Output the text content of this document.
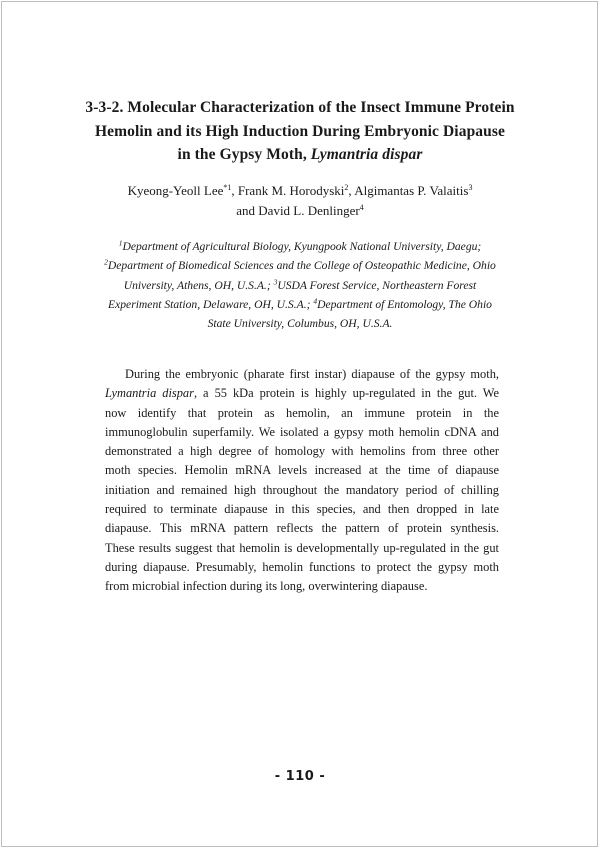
3-3-2. Molecular Characterization of the Insect Immune Protein
Hemolin and its High Induction During Embryonic Diapause
in the Gypsy Moth, Lymantria dispar
Kyeong-Yeoll Lee$^{*1}$, Frank M. Horodyski$^2$, Algimantas P. Valaitis$^3$
and David L. Denlinger$^4$
$^1$Department of Agricultural Biology, Kyungpook National University, Daegu;
$^2$Department of Biomedical Sciences and the College of Osteopathic Medicine, Ohio
University, Athens, OH, U.S.A.; $^3$USDA Forest Service, Northeastern Forest
Experiment Station, Delaware, OH, U.S.A.; $^4$Department of Entomology, The Ohio
State University, Columbus, OH, U.S.A.
During the embryonic (pharate first instar) diapause of the gypsy moth,
Lymantria dispar, a 55 kDa protein is highly up-regulated in the gut. We
now identify that protein as hemolin, an immune protein in the
immunoglobulin superfamily. We isolated a gypsy moth hemolin cDNA and
demonstrated a high degree of homology with hemolins from three other
moth species. Hemolin mRNA levels increased at the time of diapause
initiation and remained high throughout the mandatory period of chilling
required to terminate diapause in this species, and then dropped in late
diapause. This mRNA pattern reflects the pattern of protein synthesis.
These results suggest that hemolin is developmentally up-regulated in the gut
during diapause. Presumably, hemolin functions to protect the gypsy moth
from microbial infection during its long, overwintering diapause.
- 110 -
